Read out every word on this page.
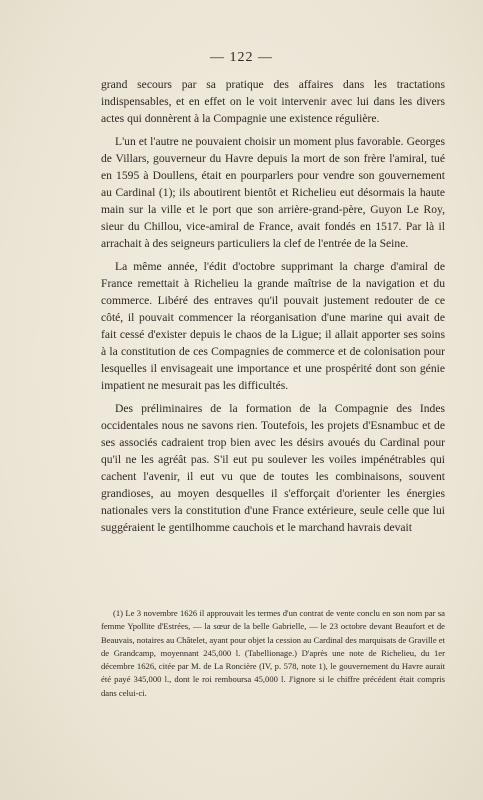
— 122 —

grand secours par sa pratique des affaires dans les tractations indispensables, et en effet on le voit intervenir avec lui dans les divers actes qui donnèrent à la Compagnie une existence régulière.

L'un et l'autre ne pouvaient choisir un moment plus favorable. Georges de Villars, gouverneur du Havre depuis la mort de son frère l'amiral, tué en 1595 à Doullens, était en pourparlers pour vendre son gouvernement au Cardinal (1); ils aboutirent bientôt et Richelieu eut désormais la haute main sur la ville et le port que son arrière-grand-père, Guyon Le Roy, sieur du Chillou, vice-amiral de France, avait fondés en 1517. Par là il arrachait à des seigneurs particuliers la clef de l'entrée de la Seine.

La même année, l'édit d'octobre supprimant la charge d'amiral de France remettait à Richelieu la grande maîtrise de la navigation et du commerce. Libéré des entraves qu'il pouvait justement redouter de ce côté, il pouvait commencer la réorganisation d'une marine qui avait de fait cessé d'exister depuis le chaos de la Ligue; il allait apporter ses soins à la constitution de ces Compagnies de commerce et de colonisation pour lesquelles il envisageait une importance et une prospérité dont son génie impatient ne mesurait pas les difficultés.

Des préliminaires de la formation de la Compagnie des Indes occidentales nous ne savons rien. Toutefois, les projets d'Esnambuc et de ses associés cadraient trop bien avec les désirs avoués du Cardinal pour qu'il ne les agréât pas. S'il eut pu soulever les voiles impénétrables qui cachent l'avenir, il eut vu que de toutes les combinaisons, souvent grandioses, au moyen desquelles il s'efforçait d'orienter les énergies nationales vers la constitution d'une France extérieure, seule celle que lui suggéraient le gentilhomme cauchois et le marchand havrais devait

(1) Le 3 novembre 1626 il approuvait les termes d'un contrat de vente conclu en son nom par sa femme Ypollite d'Estrées, — la sœur de la belle Gabrielle, — le 23 octobre devant Beaufort et de Beauvais, notaires au Châtelet, ayant pour objet la cession au Cardinal des marquisats de Graville et de Grandcamp, moyennant 245,000 l. (Tabellionage.) D'après une note de Richelieu, du 1er décembre 1626, citée par M. de La Roncière (IV, p. 578, note 1), le gouvernement du Havre aurait été payé 345,000 l., dont le roi remboursa 45,000 l. J'ignore si le chiffre précédent était compris dans celui-ci.
